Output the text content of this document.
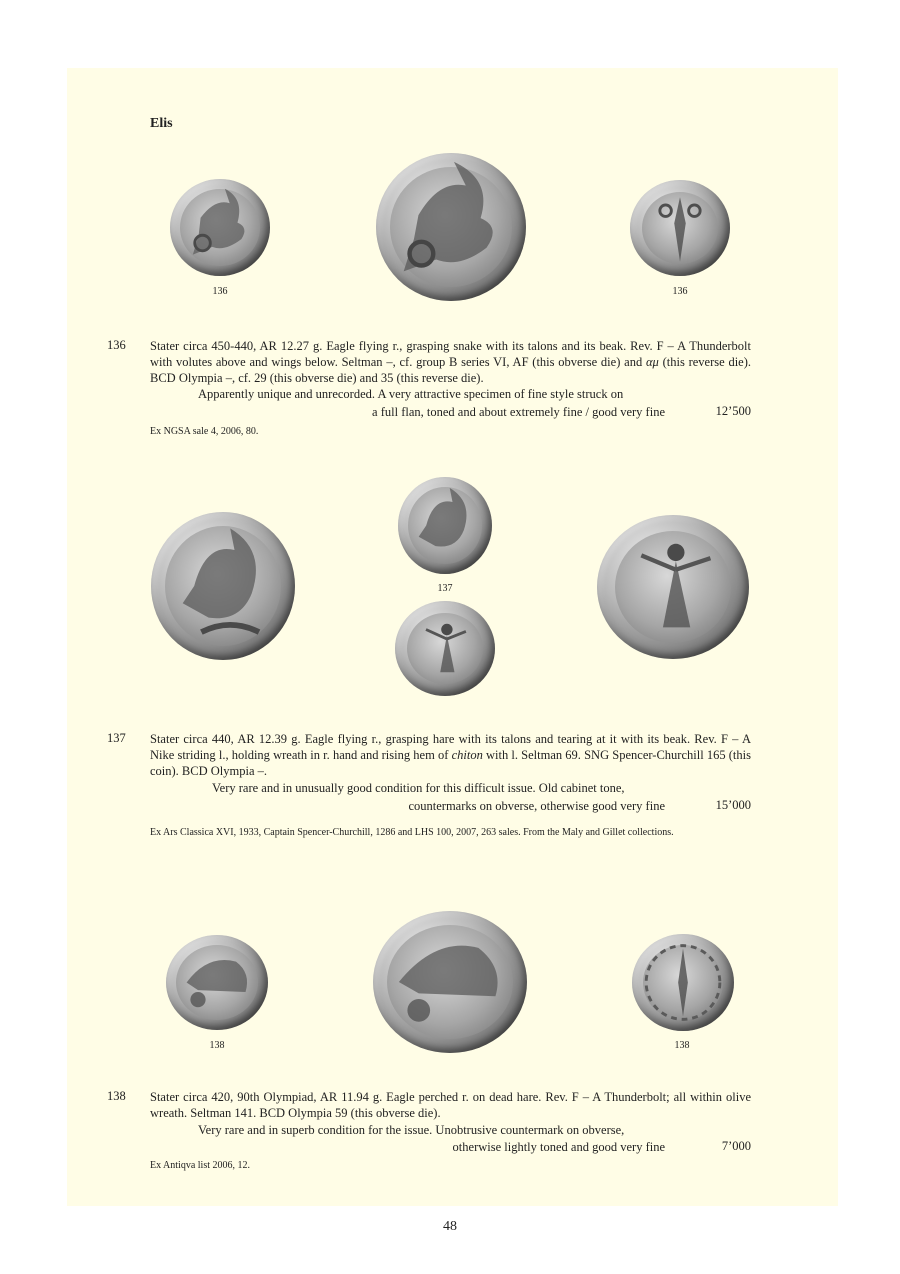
Elis
136	136
136 Stater circa 450-440, AR 12.27 g. Eagle flying r., grasping snake with its talons and its beak. Rev. F – A Thunderbolt with volutes above and wings below. Seltman –, cf. group B series VI, AF (this obverse die) and αμ (this reverse die). BCD Olympia –, cf. 29 (this obverse die) and 35 (this reverse die).

Apparently unique and unrecorded. A very attractive specimen of fine style struck on
a full flan, toned and about extremely fine / good very fine	12’500
Ex NGSA sale 4, 2006, 80.
137
137 Stater circa 440, AR 12.39 g. Eagle flying r., grasping hare with its talons and tearing at it with its beak. Rev. F – A Nike striding l., holding wreath in r. hand and rising hem of chiton with l. Seltman 69. SNG Spencer-Churchill 165 (this coin). BCD Olympia –.

Very rare and in unusually good condition for this difficult issue. Old cabinet tone,
countermarks on obverse, otherwise good very fine	15’000
Ex Ars Classica XVI, 1933, Captain Spencer-Churchill, 1286 and LHS 100, 2007, 263 sales. From the Maly and Gillet collections.
138	138
138 Stater circa 420, 90th Olympiad, AR 11.94 g. Eagle perched r. on dead hare. Rev. F – A Thunderbolt; all within olive wreath. Seltman 141. BCD Olympia 59 (this obverse die).
Very rare and in superb condition for the issue. Unobtrusive countermark on obverse,
otherwise lightly toned and good very fine	7’000
Ex Antiqva list 2006, 12.
48
